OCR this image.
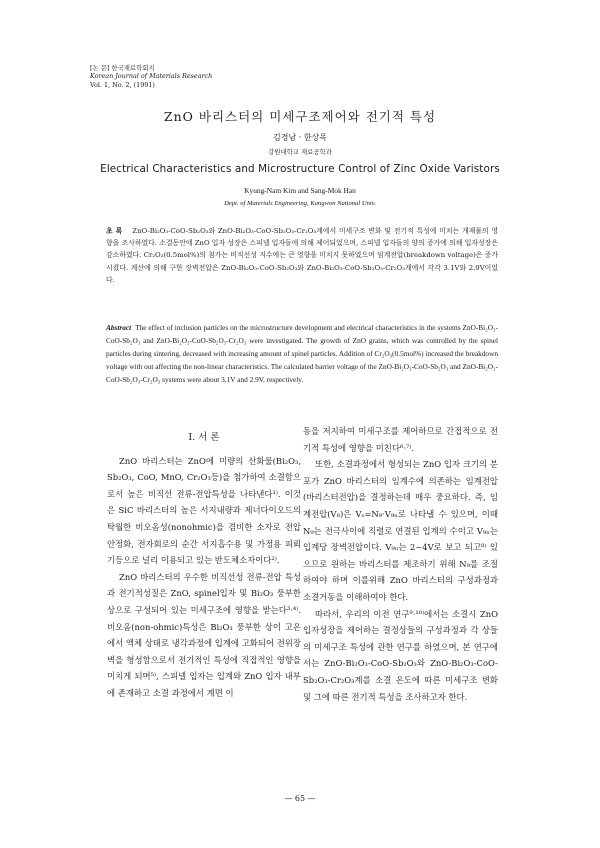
[논 문] 한국재료학회지
Korean Journal of Materials Research
Vol. 1, No. 2, (1991)
ZnO 바리스터의 미세구조제어와 전기적 특성
김경남 · 한상목
강원대학교 재료공학과
Electrical Characteristics and Microstructure Control of Zinc Oxide Varistors
Kyung-Nam Kim and Sang-Mok Han
Dept. of Materials Engineering, Kangwon National Univ.
초 록 ZnO-Bi₂O₃-CoO-Sb₂O₃와 ZnO-Bi₂O₃-CoO-Sb₂O₃-Cr₂O₃계에서 미세구조 변화 및 전기적 특성에 미치는 개재물의 영향을 조사하였다. 소결동안에 ZnO 입자 성장은 스피넬 입자들에 의해 제어되었으며, 스피넬 입자들의 양의 증가에 의해 입자성장은 감소하였다. Cr₂O₃(0.5mol%)의 첨가는 비직선성 지수에는 큰 영향을 미치지 못하였으며 임계전압(breakdown voltage)은 증가시켰다. 계산에 의해 구한 장벽전압은 ZnO-Bi₂O₃-CoO-Sb₂O₃와 ZnO-Bi₂O₃-CoO-Sb₂O₃-Cr₂O₃계에서 각각 3.1V와 2.9V이었다.
Abstract The effect of inclusion particles on the microstructure development and electrical characteristics in the systems ZnO-Bi₂O₃-CoO-Sb₂O₃ and ZnO-Bi₂O₃-CoO-Sb₂O₃-Cr₂O₃ were investigated. The growth of ZnO grains, which was controlled by the spinel particles during sintering, decreased with increasing amount of spinel particles. Addition of Cr₂O₃(0.5mol%) increased the breakdown voltage with out affecting the non-linear characteristics. The calculated barrier voltage of the ZnO-Bi₂O₃-CoO-Sb₂O₃ and ZnO-Bi₂O₃-CoO-Sb₂O₃-Cr₂O₃ systems were about 3.1V and 2.9V, respectively.
I. 서 론

ZnO 바리스터는 ZnO에 미량의 산화물(Bi₂O₃, Sb₂O₃, CoO, MnO, Cr₂O₃등)을 첨가하여 소결함으로서 높은 비직선 전류-전압특성을 나타낸다¹⁾. 이것은 SiC 바리스터의 높은 서지내량과 제너다이오드의 탁월한 비오옴성(nonohmic)을 겸비한 소자로 전압안정화, 전자회로의 순간 서지흡수용 및 가정용 피뢰기등으로 널리 이용되고 있는 반도체소자이다²⁾.

ZnO 바리스터의 우수한 비직선성 전류-전압 특성과 전기적성질은 ZnO, spinel입자 및 Bi₂O₃ 풍부한 상으로 구성되어 있는 미세구조에 영향을 받는다³·⁴⁾. 비오옴(non-ohmic)특성은 Bi₂O₃ 풍부한 상이 고온에서 액체 상태로 냉각과정에 입계에 고화되어 전위장벽을 형성함으로서 전기적인 특성에 직접적인 영향을 미치게 되며⁵⁾, 스피넬 입자는 입계와 ZnO 입자 내부에 존재하고 소결 과정에서 계면 이

동을 저지하여 미세구조를 제어하므로 간접적으로 전기적 특성에 영향을 미친다⁶·⁷⁾.

또한, 소결과정에서 형성되는 ZnO 입자 크기의 분포가 ZnO 바리스터의 임계수에 의존하는 임계전압(바리스터전압)을 결정하는데 매우 중요하다. 즉, 임계전압(V₈)은 Vₛ=N₉·V₉ₙ로 나타낼 수 있으며, 이때 N₉는 전극사이에 직렬로 연결된 입계의 수이고 V₉ₙ는 입계당 장벽전압이다. V₉ₙ는 2~4V로 보고 되고⁸⁾ 있으므로 원하는 바리스터를 제조하기 위해 N₉를 조절하여야 하며 이를위해 ZnO 바리스터의 구성과정과 소결거동을 이해하여야 한다.

따라서, 우리의 이전 연구⁹·¹⁰⁾에서는 소결시 ZnO 입자성장을 제어하는 결정상들의 구성과정과 각 상들의 미세구조 특성에 관한 연구를 하였으며, 본 연구에서는 ZnO-Bi₂O₃-CoO-Sb₂O₃와 ZnO-Bi₂O₃-CoO-Sb₂O₃-Cr₂O₃계를 소결 온도에 따른 미세구조 변화 및 그에 따른 전기적 특성을 조사하고자 한다.

— 65 —
